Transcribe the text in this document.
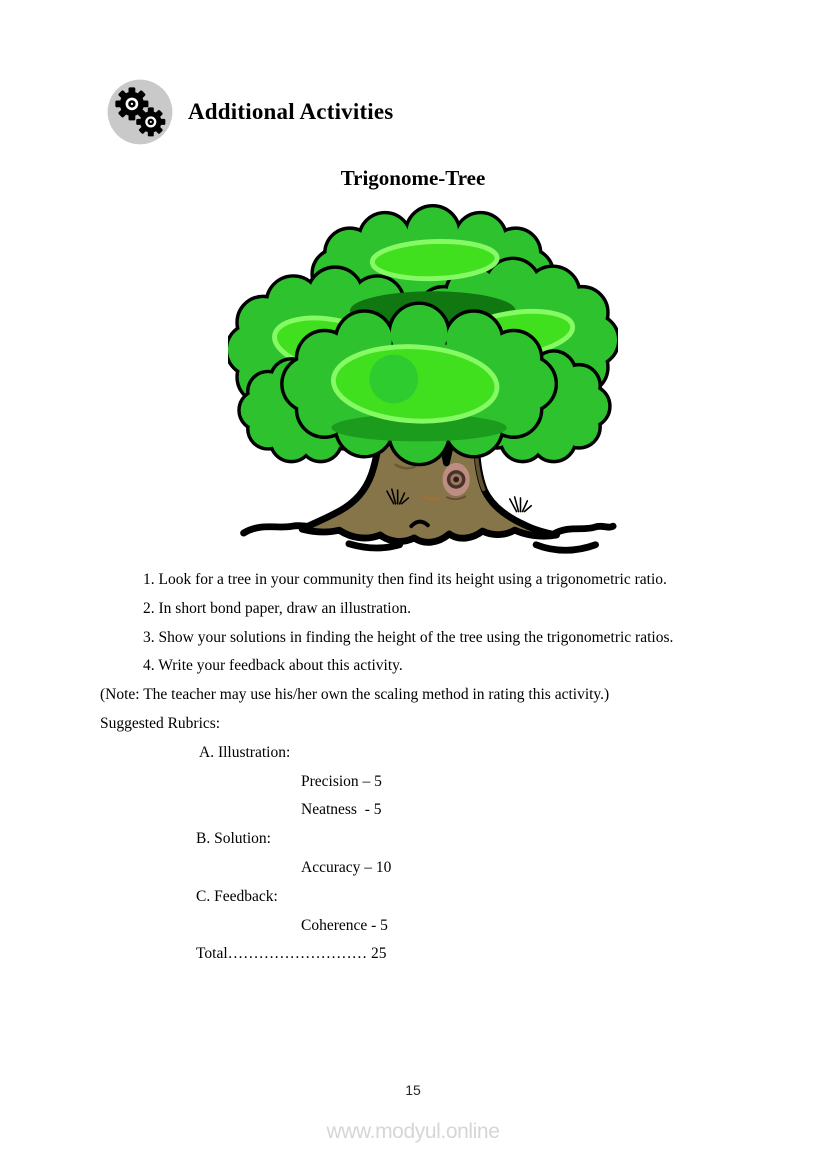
Additional Activities
Trigonome-Tree
1. Look for a tree in your community then find its height using a trigonometric ratio.
2. In short bond paper, draw an illustration.
3. Show your solutions in finding the height of the tree using the trigonometric ratios.
4. Write your feedback about this activity.
(Note: The teacher may use his/her own the scaling method in rating this activity.)
Suggested Rubrics:
A. Illustration:
Precision – 5
Neatness  - 5
B. Solution:
Accuracy – 10
C. Feedback:
Coherence - 5
Total……………………… 25
15
www.modyul.online
